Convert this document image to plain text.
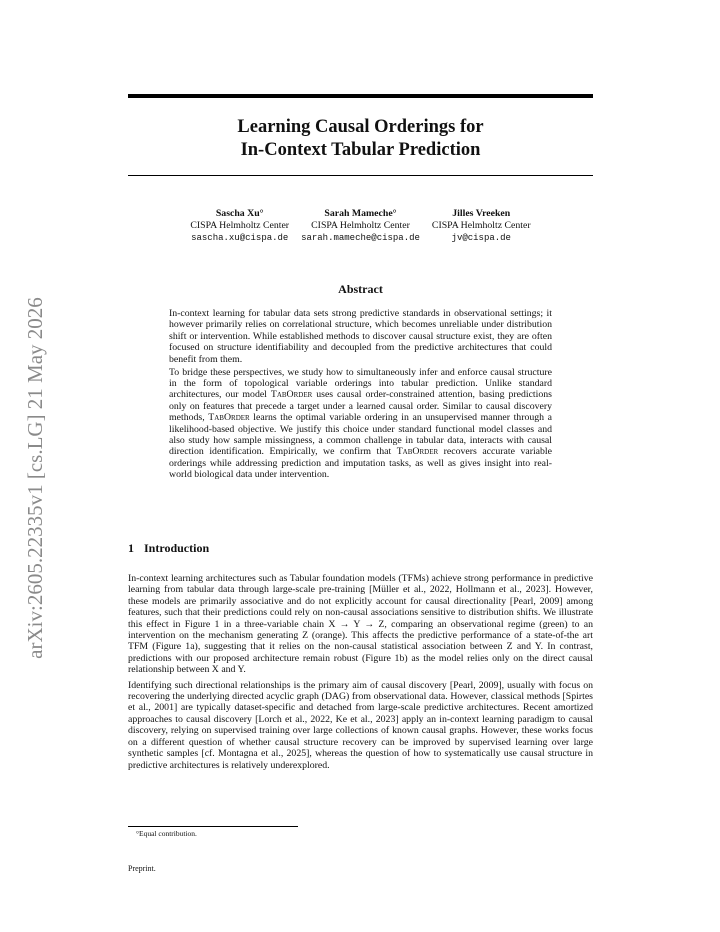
arXiv:2605.22335v1 [cs.LG] 21 May 2026
Learning Causal Orderings for
In-Context Tabular Prediction
Sascha Xu°
CISPA Helmholtz Center
sascha.xu@cispa.de
Sarah Mameche°
CISPA Helmholtz Center
sarah.mameche@cispa.de
Jilles Vreeken
CISPA Helmholtz Center
jv@cispa.de
Abstract

In-context learning for tabular data sets strong predictive standards in observational settings; it however primarily relies on correlational structure, which becomes unreliable under distribution shift or intervention. While established methods to discover causal structure exist, they are often focused on structure identifiability and decoupled from the predictive architectures that could benefit from them.

To bridge these perspectives, we study how to simultaneously infer and enforce causal structure in the form of topological variable orderings into tabular prediction. Unlike standard architectures, our model TabOrder uses causal order-constrained attention, basing predictions only on features that precede a target under a learned causal order. Similar to causal discovery methods, TabOrder learns the optimal variable ordering in an unsupervised manner through a likelihood-based objective. We justify this choice under standard functional model classes and also study how sample missingness, a common challenge in tabular data, interacts with causal direction identification. Empirically, we confirm that TabOrder recovers accurate variable orderings while addressing prediction and imputation tasks, as well as gives insight into real-world biological data under intervention.

1 Introduction

In-context learning architectures such as Tabular foundation models (TFMs) achieve strong performance in predictive learning from tabular data through large-scale pre-training [Müller et al., 2022, Hollmann et al., 2023]. However, these models are primarily associative and do not explicitly account for causal directionality [Pearl, 2009] among features, such that their predictions could rely on non-causal associations sensitive to distribution shifts. We illustrate this effect in Figure 1 in a three-variable chain X → Y → Z, comparing an observational regime (green) to an intervention on the mechanism generating Z (orange). This affects the predictive performance of a state-of-the art TFM (Figure 1a), suggesting that it relies on the non-causal statistical association between Z and Y. In contrast, predictions with our proposed architecture remain robust (Figure 1b) as the model relies only on the direct causal relationship between X and Y.

Identifying such directional relationships is the primary aim of causal discovery [Pearl, 2009], usually with focus on recovering the underlying directed acyclic graph (DAG) from observational data. However, classical methods [Spirtes et al., 2001] are typically dataset-specific and detached from large-scale predictive architectures. Recent amortized approaches to causal discovery [Lorch et al., 2022, Ke et al., 2023] apply an in-context learning paradigm to causal discovery, relying on supervised training over large collections of known causal graphs. However, these works focus on a different question of whether causal structure recovery can be improved by supervised learning over large synthetic samples [cf. Montagna et al., 2025], whereas the question of how to systematically use causal structure in predictive architectures is relatively underexplored.

°Equal contribution.
Preprint.
